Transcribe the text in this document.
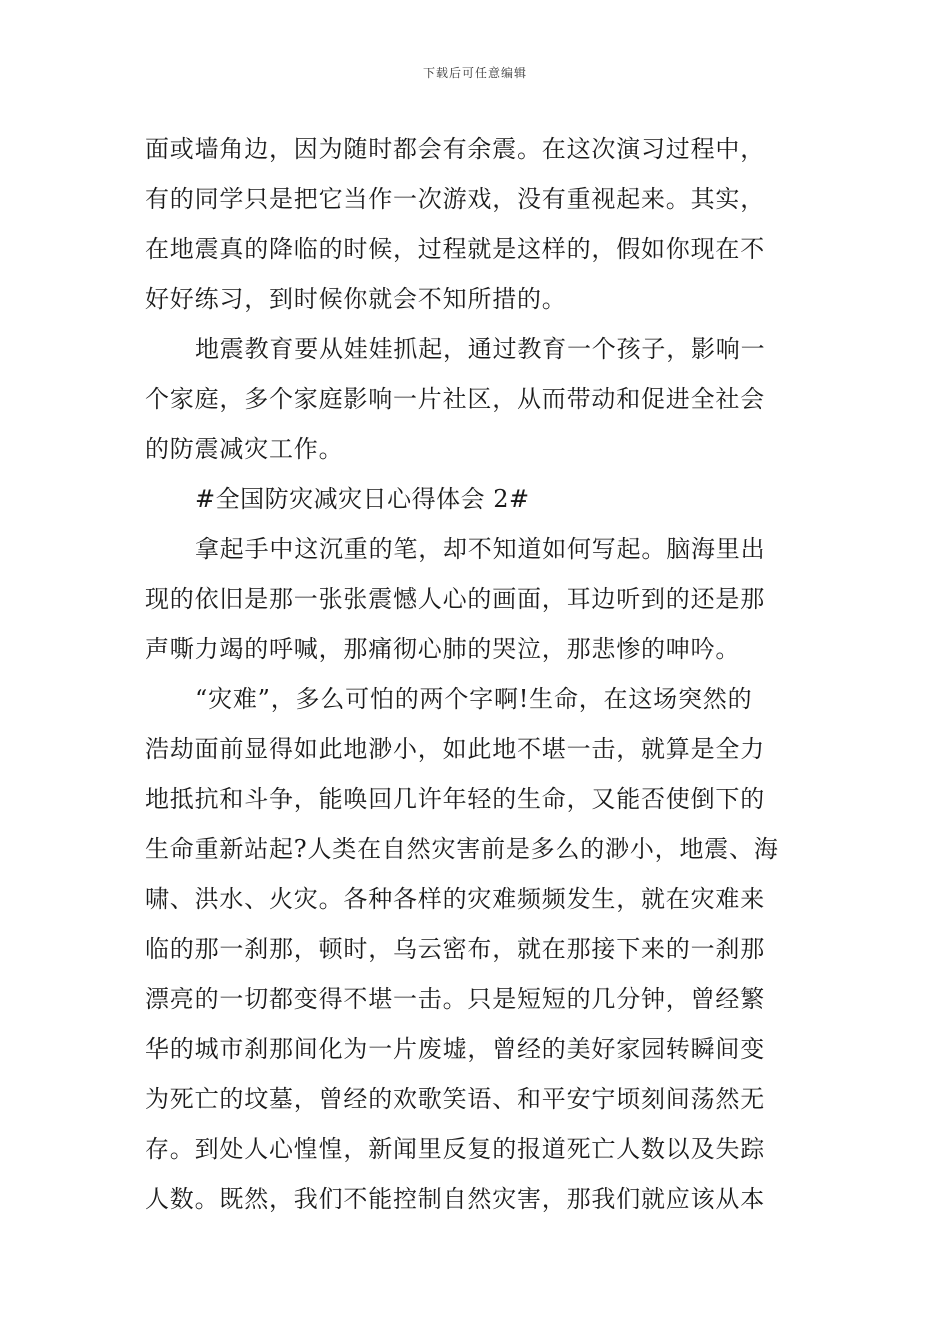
下载后可任意编辑
面或墙角边，因为随时都会有余震。在这次演习过程中，
有的同学只是把它当作一次游戏，没有重视起来。其实，
在地震真的降临的时候，过程就是这样的，假如你现在不
好好练习，到时候你就会不知所措的。
地震教育要从娃娃抓起，通过教育一个孩子，影响一
个家庭，多个家庭影响一片社区，从而带动和促进全社会
的防震减灾工作。
#全国防灾减灾日心得体会 2#
拿起手中这沉重的笔，却不知道如何写起。脑海里出
现的依旧是那一张张震憾人心的画面，耳边听到的还是那
声嘶力竭的呼喊，那痛彻心肺的哭泣，那悲惨的呻吟。
“灾难”，多么可怕的两个字啊!生命，在这场突然的
浩劫面前显得如此地渺小，如此地不堪一击，就算是全力
地抵抗和斗争，能唤回几许年轻的生命，又能否使倒下的
生命重新站起?人类在自然灾害前是多么的渺小，地震、海
啸、洪水、火灾。各种各样的灾难频频发生，就在灾难来
临的那一刹那，顿时，乌云密布，就在那接下来的一刹那
漂亮的一切都变得不堪一击。只是短短的几分钟，曾经繁
华的城市刹那间化为一片废墟，曾经的美好家园转瞬间变
为死亡的坟墓，曾经的欢歌笑语、和平安宁顷刻间荡然无
存。到处人心惶惶，新闻里反复的报道死亡人数以及失踪
人数。既然，我们不能控制自然灾害，那我们就应该从本
